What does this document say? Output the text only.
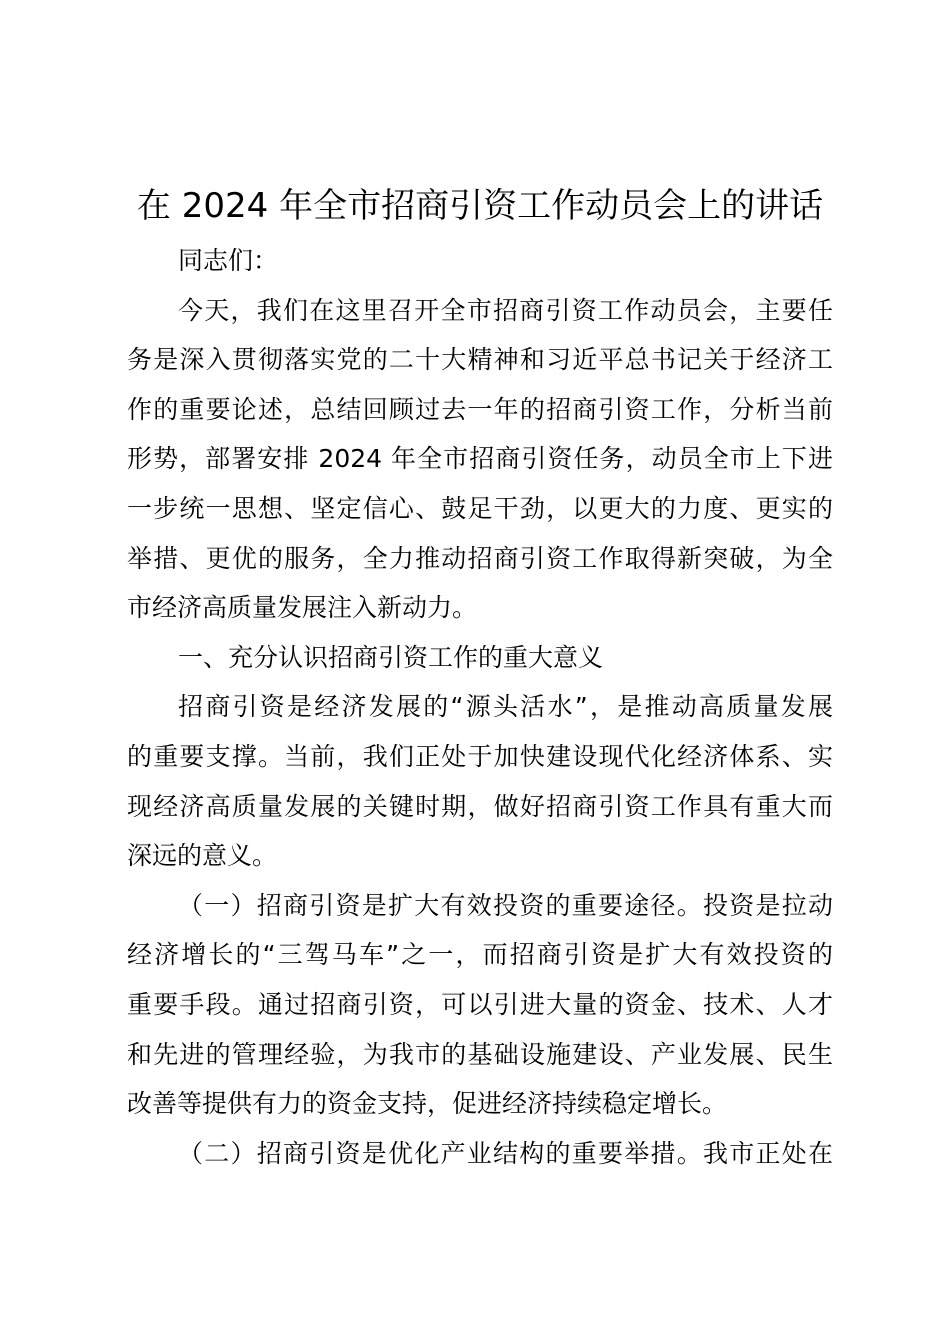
在 2024 年全市招商引资工作动员会上的讲话
同志们：
今天，我们在这里召开全市招商引资工作动员会，主要任
务是深入贯彻落实党的二十大精神和习近平总书记关于经济工
作的重要论述，总结回顾过去一年的招商引资工作，分析当前
形势，部署安排 2024 年全市招商引资任务，动员全市上下进
一步统一思想、坚定信心、鼓足干劲，以更大的力度、更实的
举措、更优的服务，全力推动招商引资工作取得新突破，为全
市经济高质量发展注入新动力。
一、充分认识招商引资工作的重大意义
招商引资是经济发展的“源头活水”，是推动高质量发展
的重要支撑。当前，我们正处于加快建设现代化经济体系、实
现经济高质量发展的关键时期，做好招商引资工作具有重大而
深远的意义。
（一）招商引资是扩大有效投资的重要途径。投资是拉动
经济增长的“三驾马车”之一，而招商引资是扩大有效投资的
重要手段。通过招商引资，可以引进大量的资金、技术、人才
和先进的管理经验，为我市的基础设施建设、产业发展、民生
改善等提供有力的资金支持，促进经济持续稳定增长。
（二）招商引资是优化产业结构的重要举措。我市正处在
